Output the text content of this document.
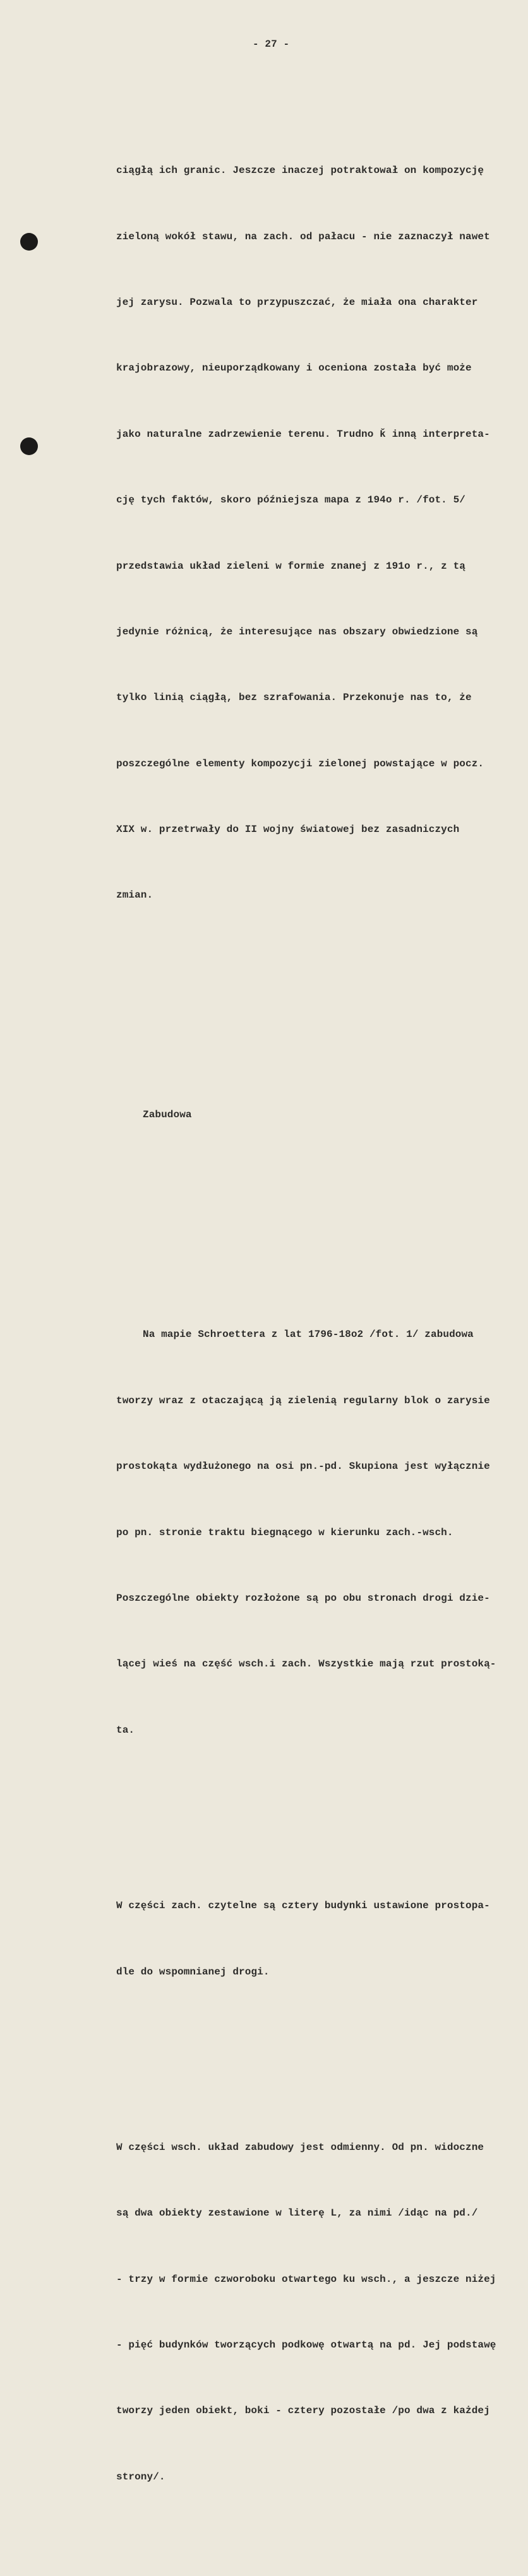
- 27 -

ciągłą ich granic. Jeszcze inaczej potraktował on kompozycję

zieloną wokół stawu, na zach. od pałacu - nie zaznaczył nawet

jej zarysu. Pozwala to przypuszczać, że miała ona charakter

krajobrazowy, nieuporządkowany i oceniona została być może

jako naturalne zadrzewienie terenu. Trudno ǩ inną interpreta-

cję tych faktów, skoro późniejsza mapa z 194o r. /fot. 5/

przedstawia układ zieleni w formie znanej z 191o r., z tą

jedynie różnicą, że interesujące nas obszary obwiedzione są

tylko linią ciągłą, bez szrafowania. Przekonuje nas to, że

poszczególne elementy kompozycji zielonej powstające w pocz.

XIX w. przetrwały do II wojny światowej bez zasadniczych

zmian.

Zabudowa

Na mapie Schroettera z lat 1796-18o2 /fot. 1/ zabudowa

tworzy wraz z otaczającą ją zielenią regularny blok o zarysie

prostokąta wydłużonego na osi pn.-pd. Skupiona jest wyłącznie

po pn. stronie traktu biegnącego w kierunku zach.-wsch.

Poszczególne obiekty rozłożone są po obu stronach drogi dzie-

lącej wieś na część wsch.i zach. Wszystkie mają rzut prostoką-

ta.

W części zach. czytelne są cztery budynki ustawione prostopa-

dle do wspomnianej drogi.

W części wsch. układ zabudowy jest odmienny. Od pn. widoczne

są dwa obiekty zestawione w literę L, za nimi /idąc na pd./

- trzy w formie czworoboku otwartego ku wsch., a jeszcze niżej

- pięć budynków tworzących podkowę otwartą na pd. Jej podstawę

tworzy jeden obiekt, boki - cztery pozostałe /po dwa z każdej

strony/.
